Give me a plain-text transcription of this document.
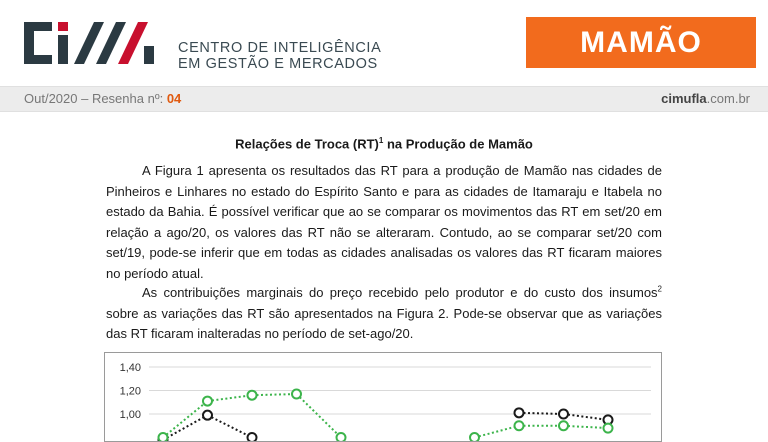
CENTRO DE INTELIGÊNCIA
EM GESTÃO E MERCADOS
MAMÃO
Out/2020 – Resenha nº: 04	cimufla.com.br
Relações de Troca (RT)$^1$ na Produção de Mamão

A Figura 1 apresenta os resultados das RT para a produção de Mamão nas cidades de Pinheiros e Linhares no estado do Espírito Santo e para as cidades de Itamaraju e Itabela no estado da Bahia. É possível verificar que ao se comparar os movimentos das RT em set/20 em relação a ago/20, os valores das RT não se alteraram. Contudo, ao se comparar set/20 com set/19, pode-se inferir que em todas as cidades analisadas os valores das RT ficaram maiores no período atual.

As contribuições marginais do preço recebido pelo produtor e do custo dos insumos$^2$ sobre as variações das RT são apresentados na Figura 2. Pode-se observar que as variações das RT ficaram inalteradas no período de set-ago/20.

1,40
1,20
1,00
